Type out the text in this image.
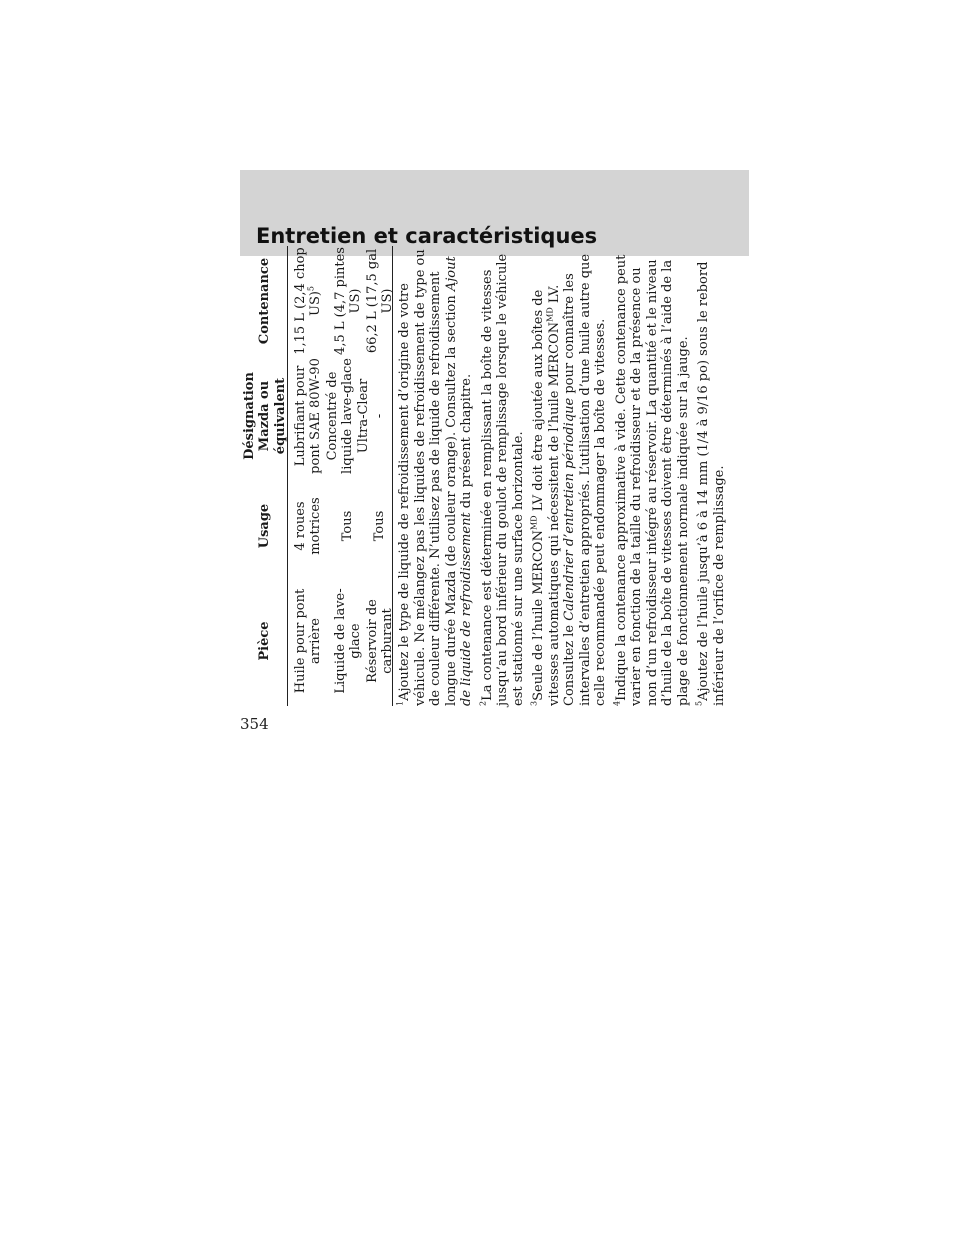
Entretien et caractéristiques
354
Pièce
Usage
Désignation Mazda ou équivalent
Contenance
Huile pour pont arrière
4 roues motrices
Lubrifiant pour pont SAE 80W-90
1,15 L (2,4 chop US)$^5$
Liquide de lave-glace
Tous
Concentré de liquide lave-glace Ultra-Clear
4,5 L (4,7 pintes US)
Réservoir de carburant
Tous
-
66,2 L (17,5 gal US)

$^1$Ajoutez le type de liquide de refroidissement d’origine de votre véhicule. Ne mélangez pas les liquides de refroidissement de type ou de couleur différente. N’utilisez pas de liquide de refroidissement longue durée Mazda (de couleur orange). Consultez la section Ajout de liquide de refroidissement du présent chapitre.

$^2$La contenance est déterminée en remplissant la boîte de vitesses jusqu’au bord inférieur du goulot de remplissage lorsque le véhicule est stationné sur une surface horizontale. $^3$Seule de l’huile $MERCON^{MD}$ LV doit être ajoutée aux boîtes de vitesses automatiques qui nécessitent de l’huile $MERCON^{MD}$ LV. Consultez le Calendrier d’entretien périodique pour connaître les intervalles d’entretien appropriés. L’utilisation d’une huile autre que celle recommandée peut endommager la boîte de vitesses. $^4$Indique la contenance approximative à vide. Cette contenance peut varier en fonction de la taille du refroidisseur et de la présence ou non d’un refroidisseur intégré au réservoir. La quantité et le niveau d’huile de la boîte de vitesses doivent être déterminés à l’aide de la plage de fonctionnement normale indiquée sur la jauge. $^5$Ajoutez de l’huile jusqu’à 6 à 14 mm (1/4 à 9/16 po) sous le rebord inférieur de l’orifice de remplissage.
